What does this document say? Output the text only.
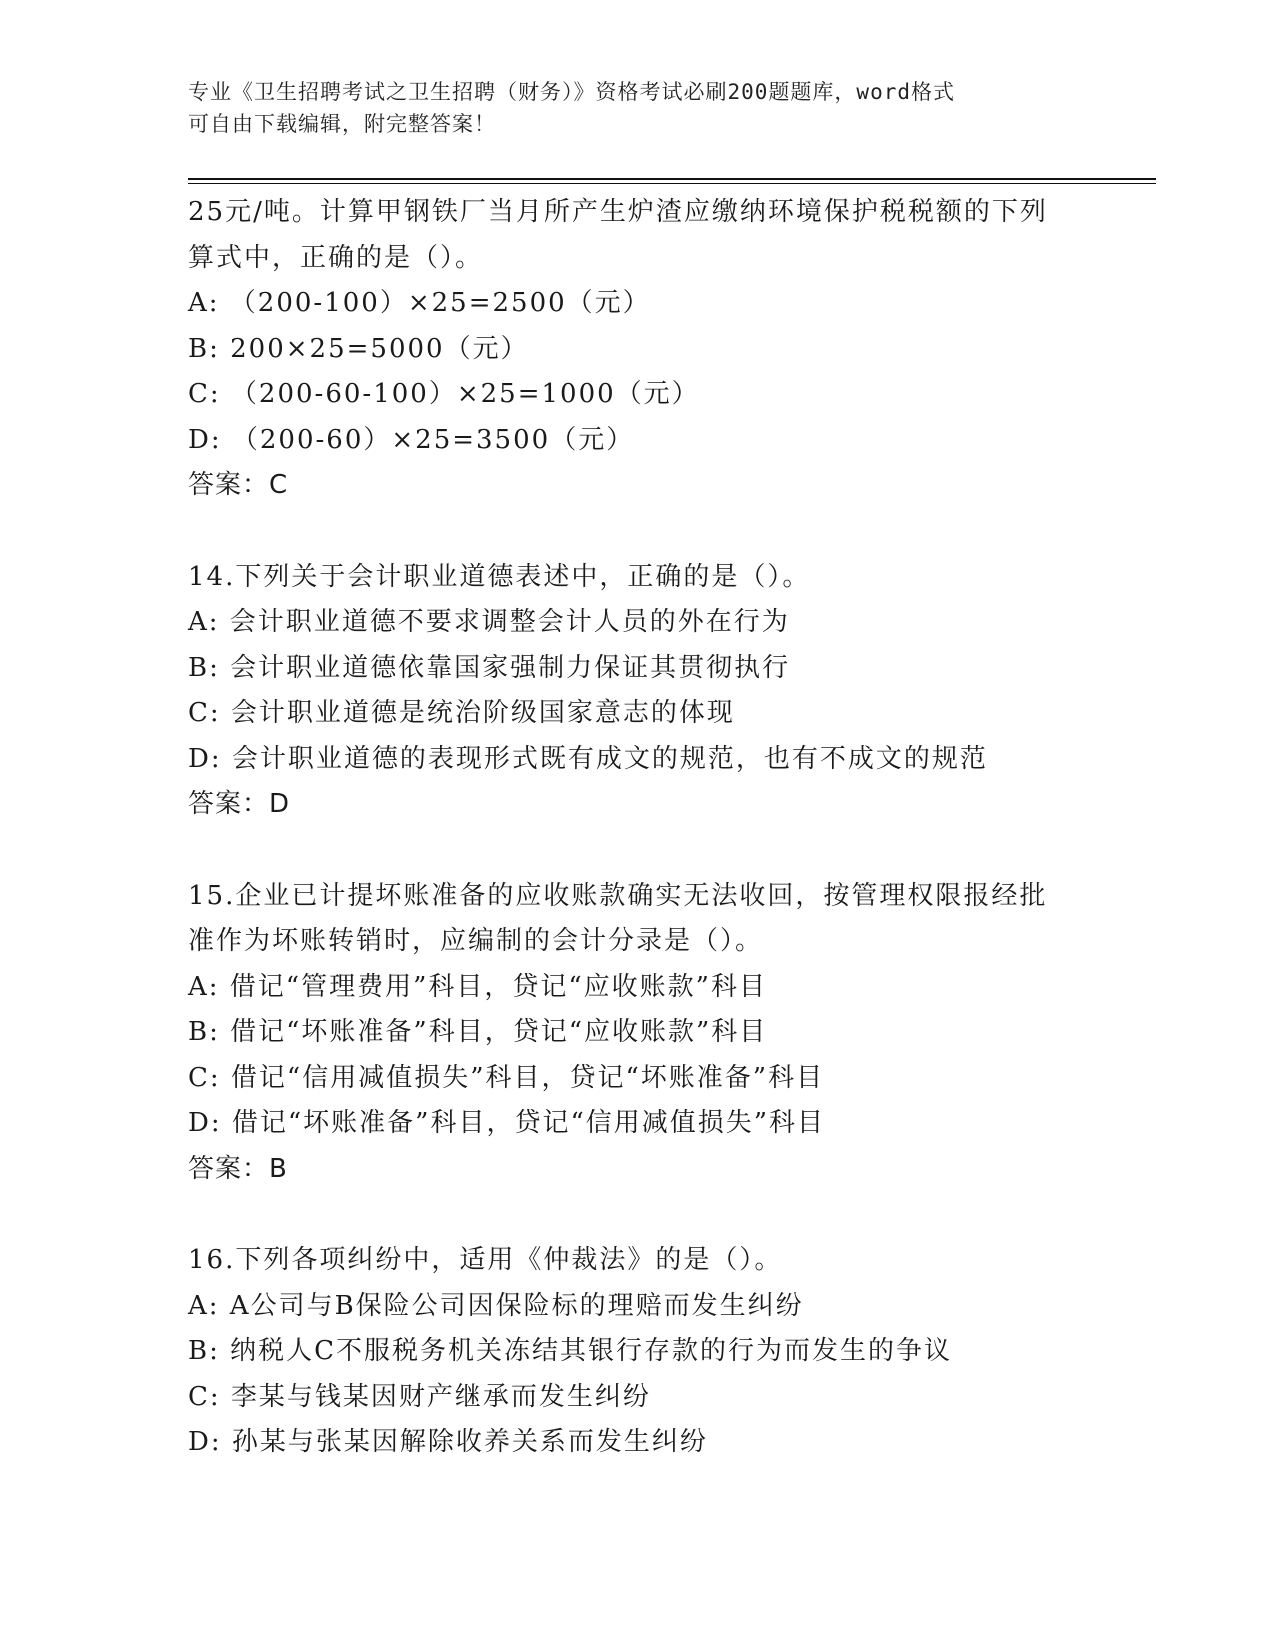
专业《卫生招聘考试之卫生招聘（财务）》资格考试必刷200题题库，word格式
可自由下载编辑，附完整答案！
25元/吨。计算甲钢铁厂当月所产生炉渣应缴纳环境保护税税额的下列
算式中，正确的是（）。
A: （200-100）×25=2500（元）
B: 200×25=5000（元）
C: （200-60-100）×25=1000（元）
D: （200-60）×25=3500（元）
答案：C
14.下列关于会计职业道德表述中，正确的是（）。
A: 会计职业道德不要求调整会计人员的外在行为
B: 会计职业道德依靠国家强制力保证其贯彻执行
C: 会计职业道德是统治阶级国家意志的体现
D: 会计职业道德的表现形式既有成文的规范，也有不成文的规范
答案：D
15.企业已计提坏账准备的应收账款确实无法收回，按管理权限报经批
准作为坏账转销时，应编制的会计分录是（）。
A: 借记“管理费用”科目，贷记“应收账款”科目
B: 借记“坏账准备”科目，贷记“应收账款”科目
C: 借记“信用减值损失”科目，贷记“坏账准备”科目
D: 借记“坏账准备”科目，贷记“信用减值损失”科目
答案：B
16.下列各项纠纷中，适用《仲裁法》的是（）。
A: A公司与B保险公司因保险标的理赔而发生纠纷
B: 纳税人C不服税务机关冻结其银行存款的行为而发生的争议
C: 李某与钱某因财产继承而发生纠纷
D: 孙某与张某因解除收养关系而发生纠纷
